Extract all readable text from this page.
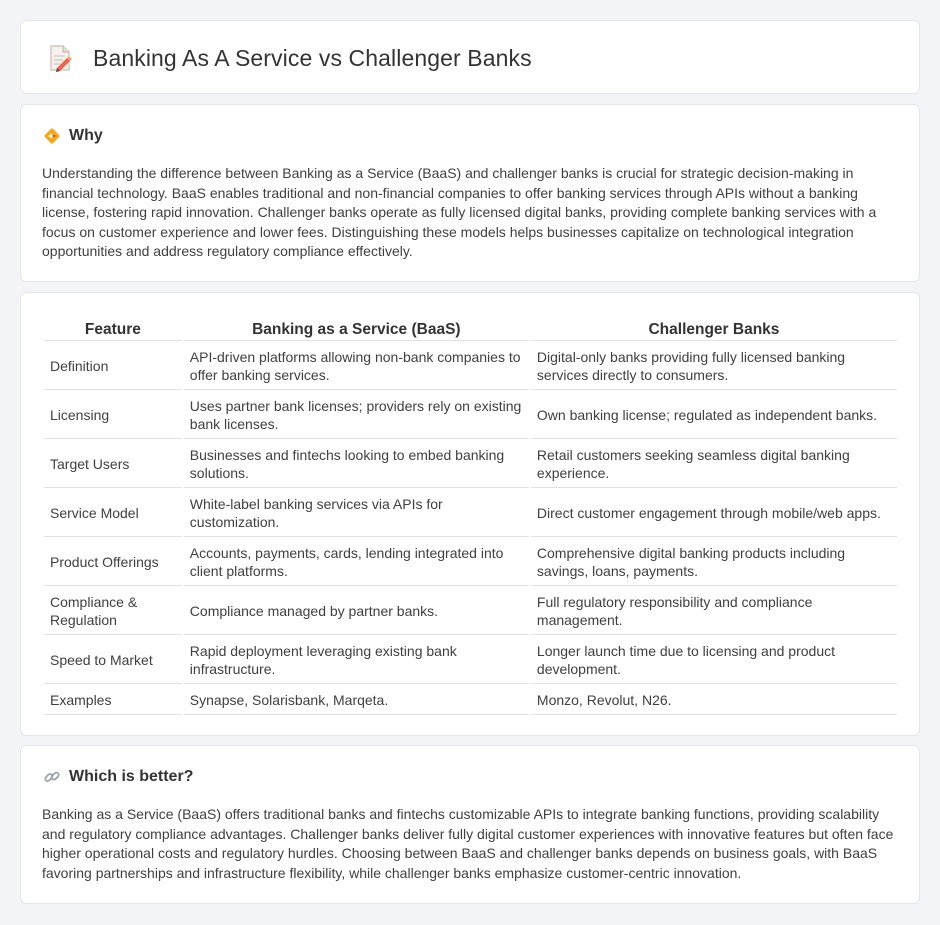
Banking As A Service vs Challenger Banks
Why

Understanding the difference between Banking as a Service (BaaS) and challenger banks is crucial for strategic decision-making in financial technology. BaaS enables traditional and non-financial companies to offer banking services through APIs without a banking license, fostering rapid innovation. Challenger banks operate as fully licensed digital banks, providing complete banking services with a focus on customer experience and lower fees. Distinguishing these models helps businesses capitalize on technological integration opportunities and address regulatory compliance effectively.

Feature	Banking as a Service (BaaS)	Challenger Banks
Definition	API-driven platforms allowing non-bank companies to offer banking services.	Digital-only banks providing fully licensed banking services directly to consumers.
Licensing	Uses partner bank licenses; providers rely on existing bank licenses.	Own banking license; regulated as independent banks.
Target Users	Businesses and fintechs looking to embed banking solutions.	Retail customers seeking seamless digital banking experience.
Service Model	White-label banking services via APIs for customization.	Direct customer engagement through mobile/web apps.
Product Offerings	Accounts, payments, cards, lending integrated into client platforms.	Comprehensive digital banking products including savings, loans, payments.
Compliance & Regulation	Compliance managed by partner banks.	Full regulatory responsibility and compliance management.
Speed to Market	Rapid deployment leveraging existing bank infrastructure.	Longer launch time due to licensing and product development.
Examples	Synapse, Solarisbank, Marqeta.	Monzo, Revolut, N26.
Which is better?

Banking as a Service (BaaS) offers traditional banks and fintechs customizable APIs to integrate banking functions, providing scalability and regulatory compliance advantages. Challenger banks deliver fully digital customer experiences with innovative features but often face higher operational costs and regulatory hurdles. Choosing between BaaS and challenger banks depends on business goals, with BaaS favoring partnerships and infrastructure flexibility, while challenger banks emphasize customer-centric innovation.
